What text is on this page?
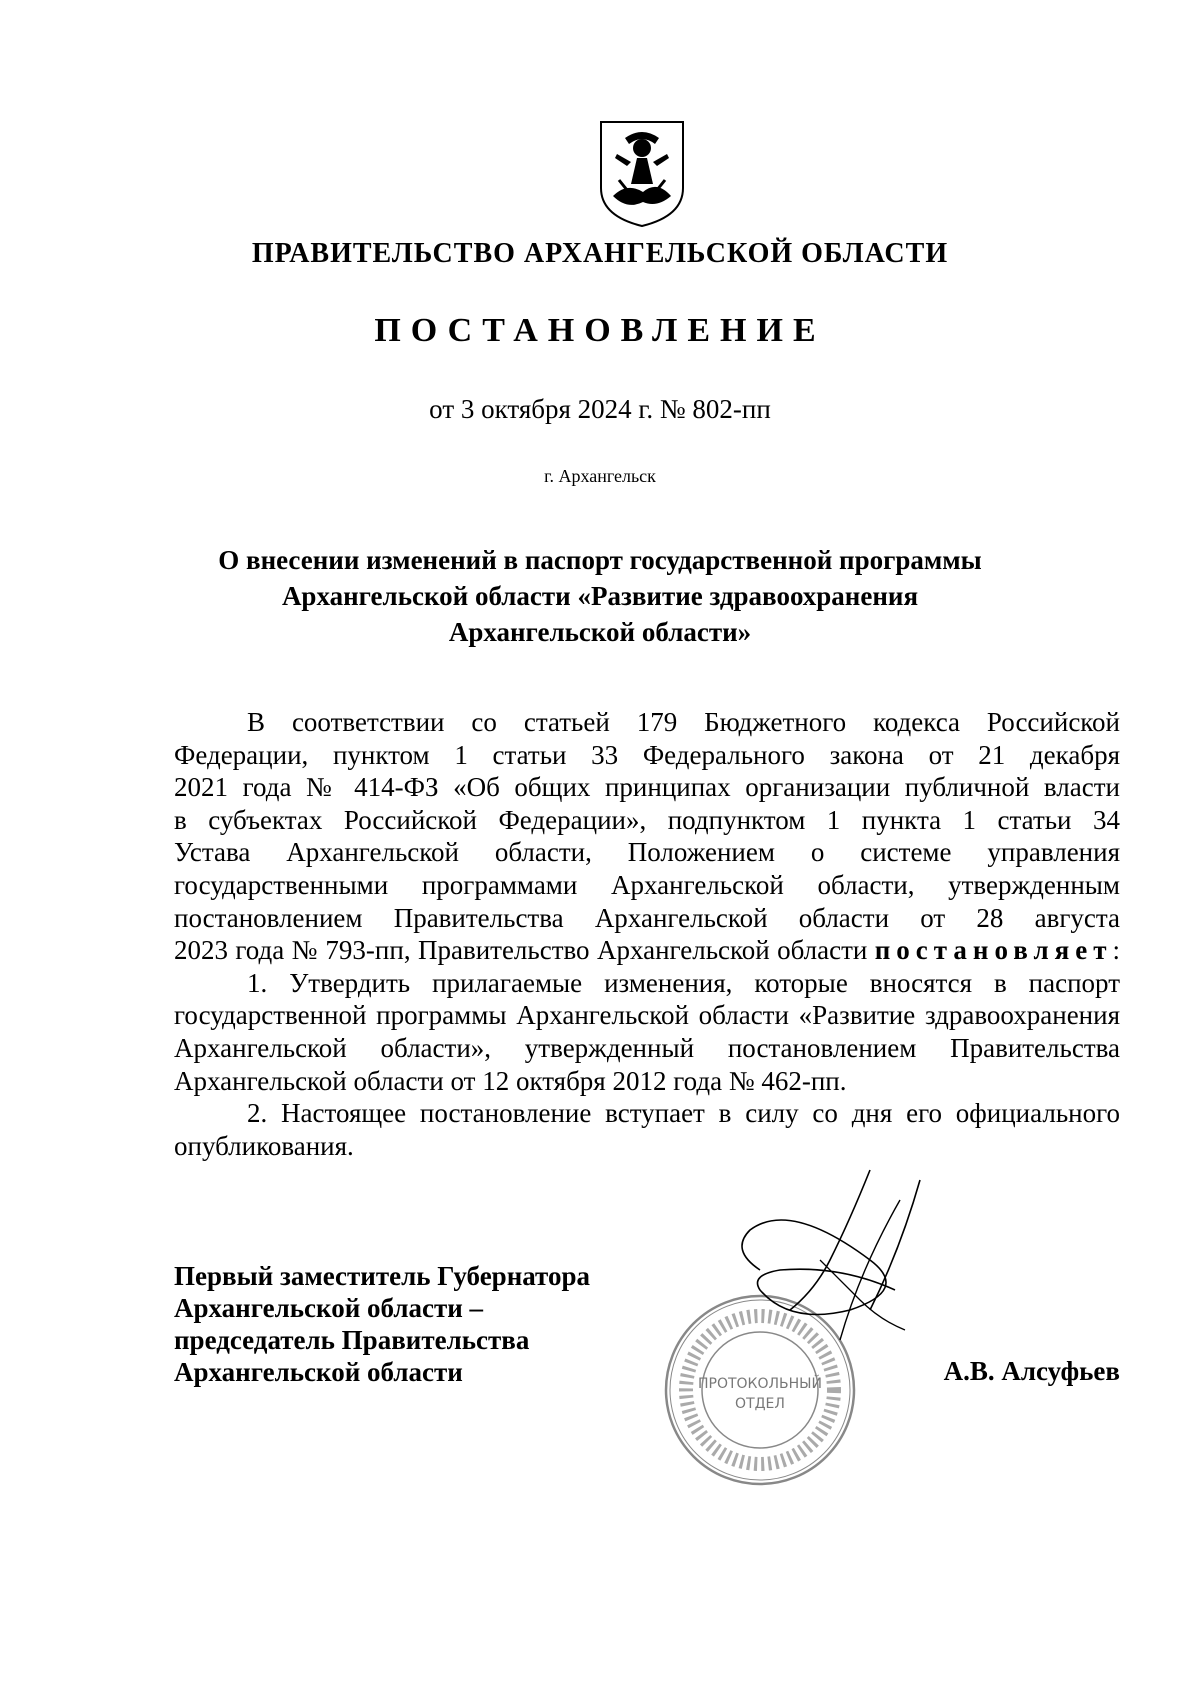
ПРАВИТЕЛЬСТВО АРХАНГЕЛЬСКОЙ ОБЛАСТИ
ПОСТАНОВЛЕНИЕ
от 3 октября 2024 г. № 802-пп
г. Архангельск
О внесении изменений в паспорт государственной программы
Архангельской области «Развитие здравоохранения
Архангельской области»
В соответствии со статьей 179 Бюджетного кодекса Российской
Федерации, пунктом 1 статьи 33 Федерального закона от 21 декабря
2021 года № 414-ФЗ «Об общих принципах организации публичной власти
в субъектах Российской Федерации», подпунктом 1 пункта 1 статьи 34
Устава Архангельской области, Положением о системе управления
государственными программами Архангельской области, утвержденным
постановлением Правительства Архангельской области от 28 августа
2023 года № 793-пп, Правительство Архангельской области постановляет:
1. Утвердить прилагаемые изменения, которые вносятся в паспорт
государственной программы Архангельской области «Развитие здравоохранения
Архангельской области», утвержденный постановлением Правительства
Архангельской области от 12 октября 2012 года № 462-пп.
2. Настоящее постановление вступает в силу со дня его официального
опубликования.
Первый заместитель Губернатора
Архангельской области –
председатель Правительства
Архангельской области	А.В. Алсуфьев
ПРОТОКОЛЬНЫЙ
ОТДЕЛ
